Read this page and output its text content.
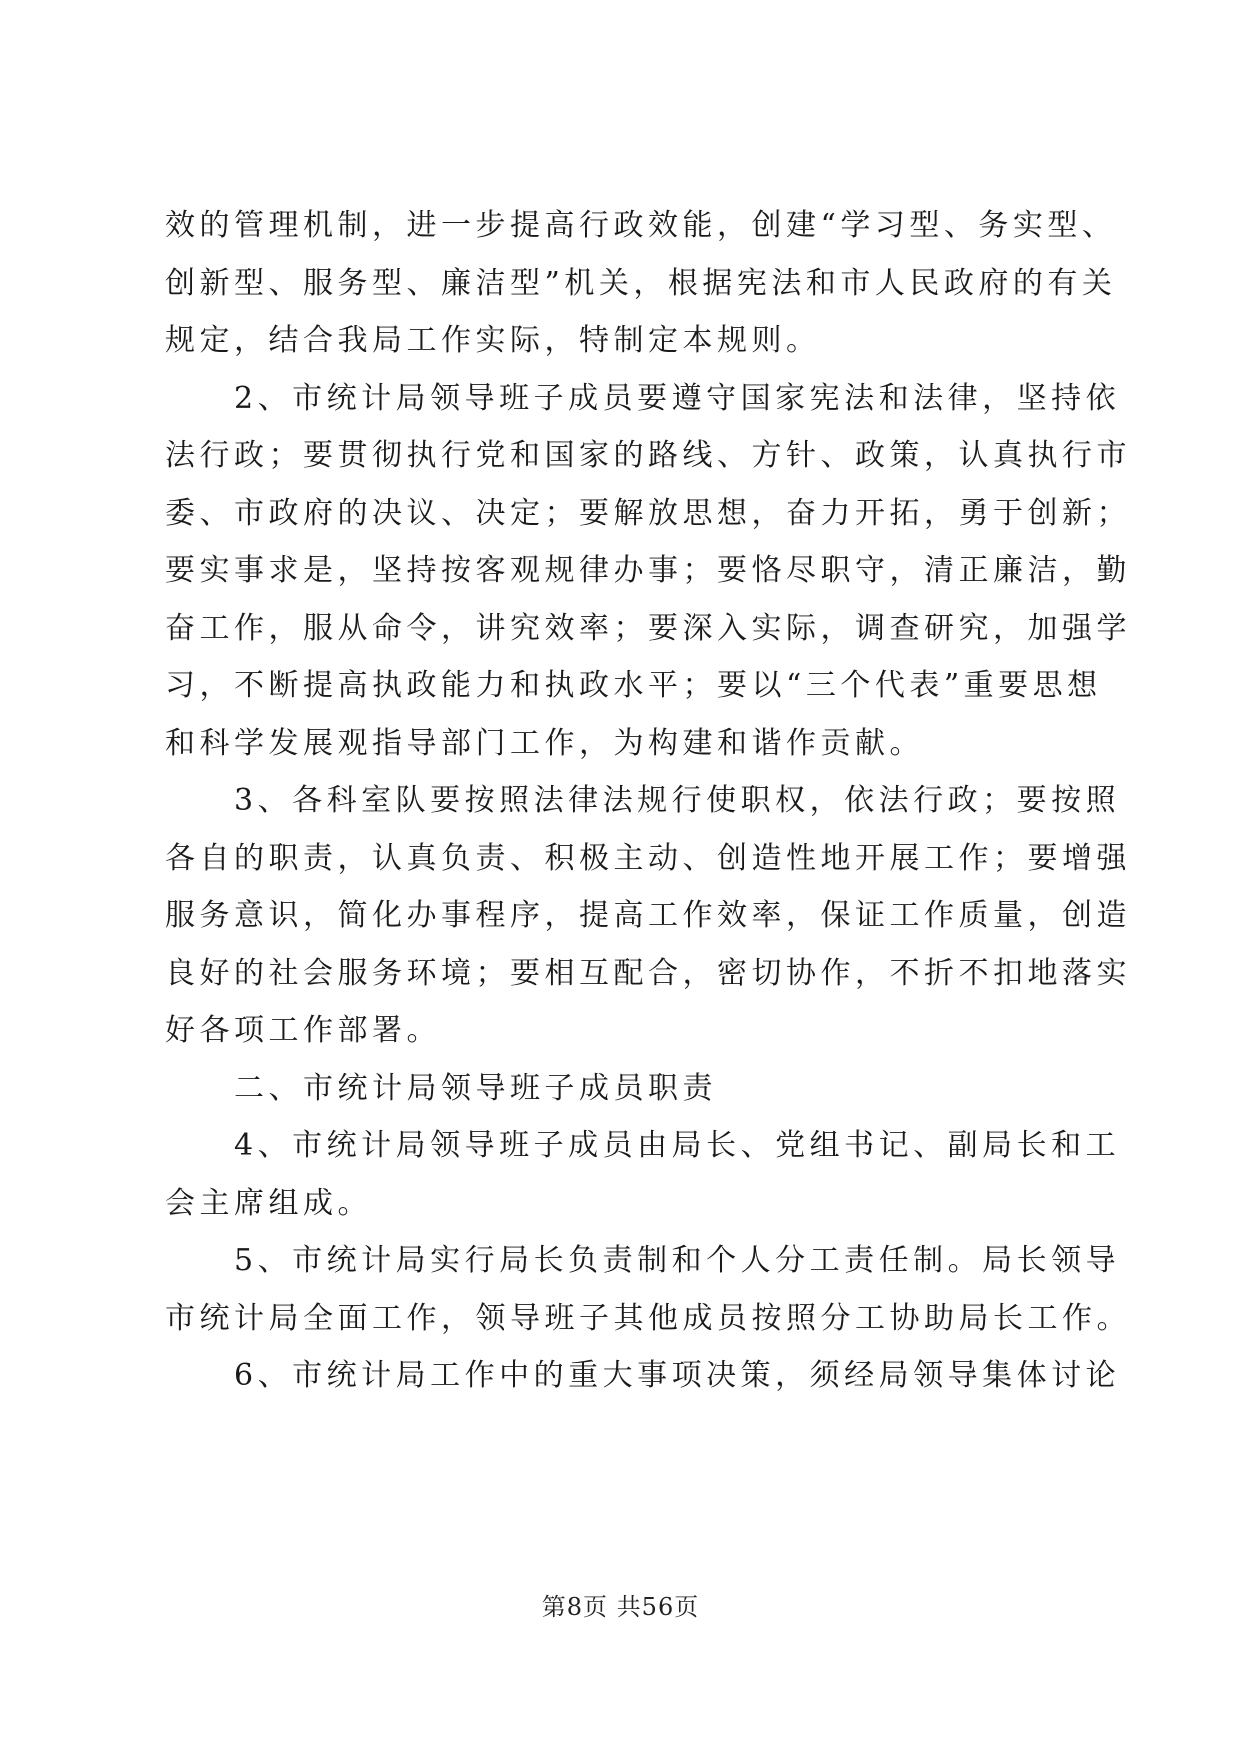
效的管理机制，进一步提高行政效能，创建“学习型、务实型、
创新型、服务型、廉洁型”机关，根据宪法和市人民政府的有关
规定，结合我局工作实际，特制定本规则。
　　2、市统计局领导班子成员要遵守国家宪法和法律，坚持依
法行政；要贯彻执行党和国家的路线、方针、政策，认真执行市
委、市政府的决议、决定；要解放思想，奋力开拓，勇于创新；
要实事求是，坚持按客观规律办事；要恪尽职守，清正廉洁，勤
奋工作，服从命令，讲究效率；要深入实际，调查研究，加强学
习，不断提高执政能力和执政水平；要以“三个代表”重要思想
和科学发展观指导部门工作，为构建和谐作贡献。
　　3、各科室队要按照法律法规行使职权，依法行政；要按照
各自的职责，认真负责、积极主动、创造性地开展工作；要增强
服务意识，简化办事程序，提高工作效率，保证工作质量，创造
良好的社会服务环境；要相互配合，密切协作，不折不扣地落实
好各项工作部署。
　　二、市统计局领导班子成员职责
　　4、市统计局领导班子成员由局长、党组书记、副局长和工
会主席组成。
　　5、市统计局实行局长负责制和个人分工责任制。局长领导
市统计局全面工作，领导班子其他成员按照分工协助局长工作。
　　6、市统计局工作中的重大事项决策，须经局领导集体讨论
第8页 共56页
